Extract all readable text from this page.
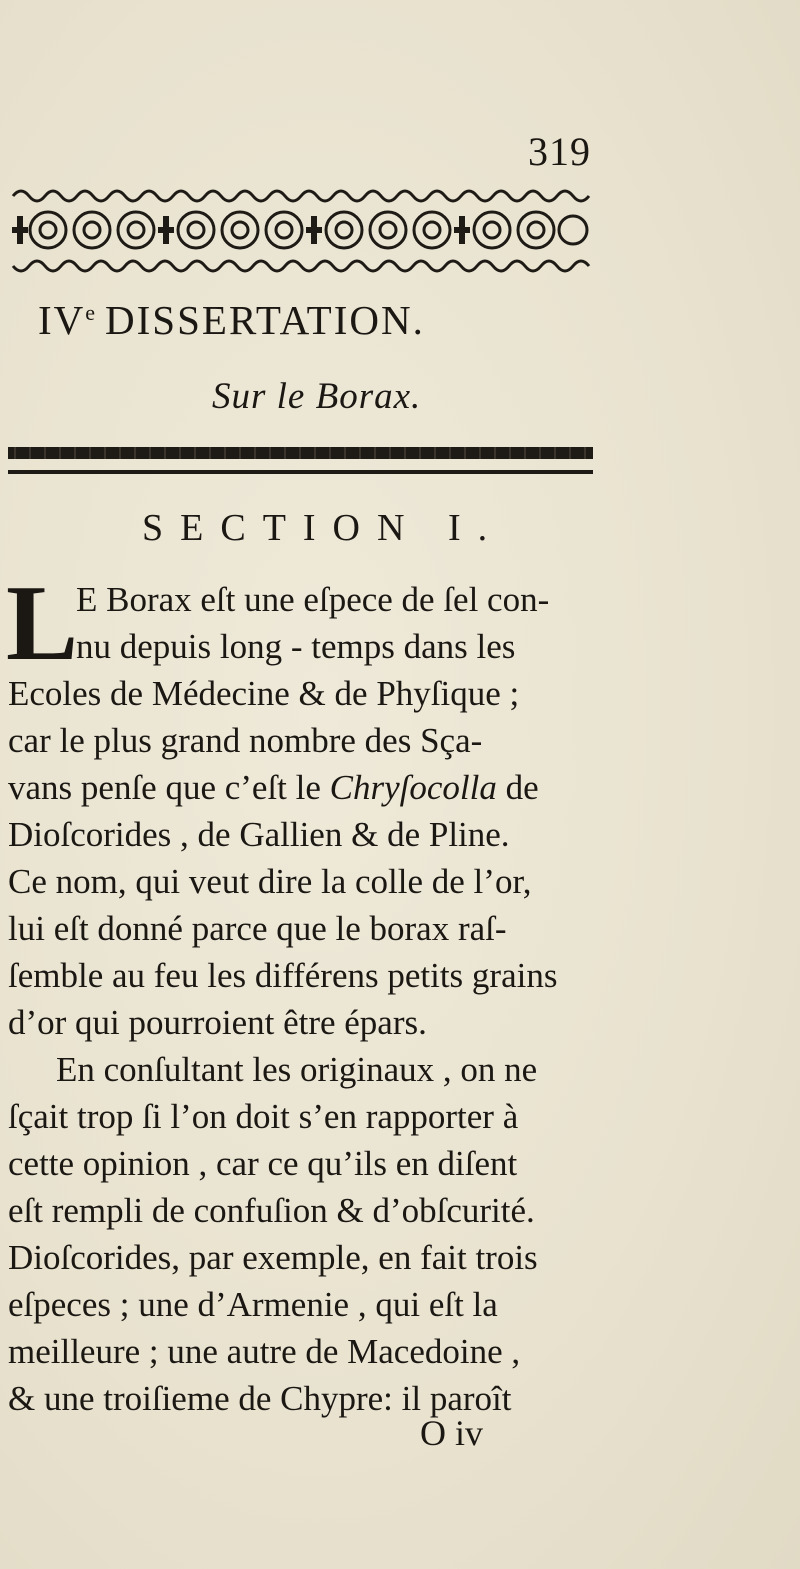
319
IVe DISSERTATION.
Sur le Borax.
SECTION I.
L
E Borax eſt une eſpece de ſel con-
nu depuis long - temps dans les
Ecoles de Médecine & de Phyſique ;
car le plus grand nombre des Sça-
vans penſe que c’eſt le Chryſocolla de
Dioſcorides , de Gallien & de Pline.
Ce nom, qui veut dire la colle de l’or,
lui eſt donné parce que le borax raſ-
ſemble au feu les différens petits grains
d’or qui pourroient être épars.
En conſultant les originaux , on ne
ſçait trop ſi l’on doit s’en rapporter à
cette opinion , car ce qu’ils en diſent
eſt rempli de confuſion & d’obſcurité.
Dioſcorides, par exemple, en fait trois
eſpeces ; une d’Armenie , qui eſt la
meilleure ; une autre de Macedoine ,
& une troiſieme de Chypre: il paroît
O iv
